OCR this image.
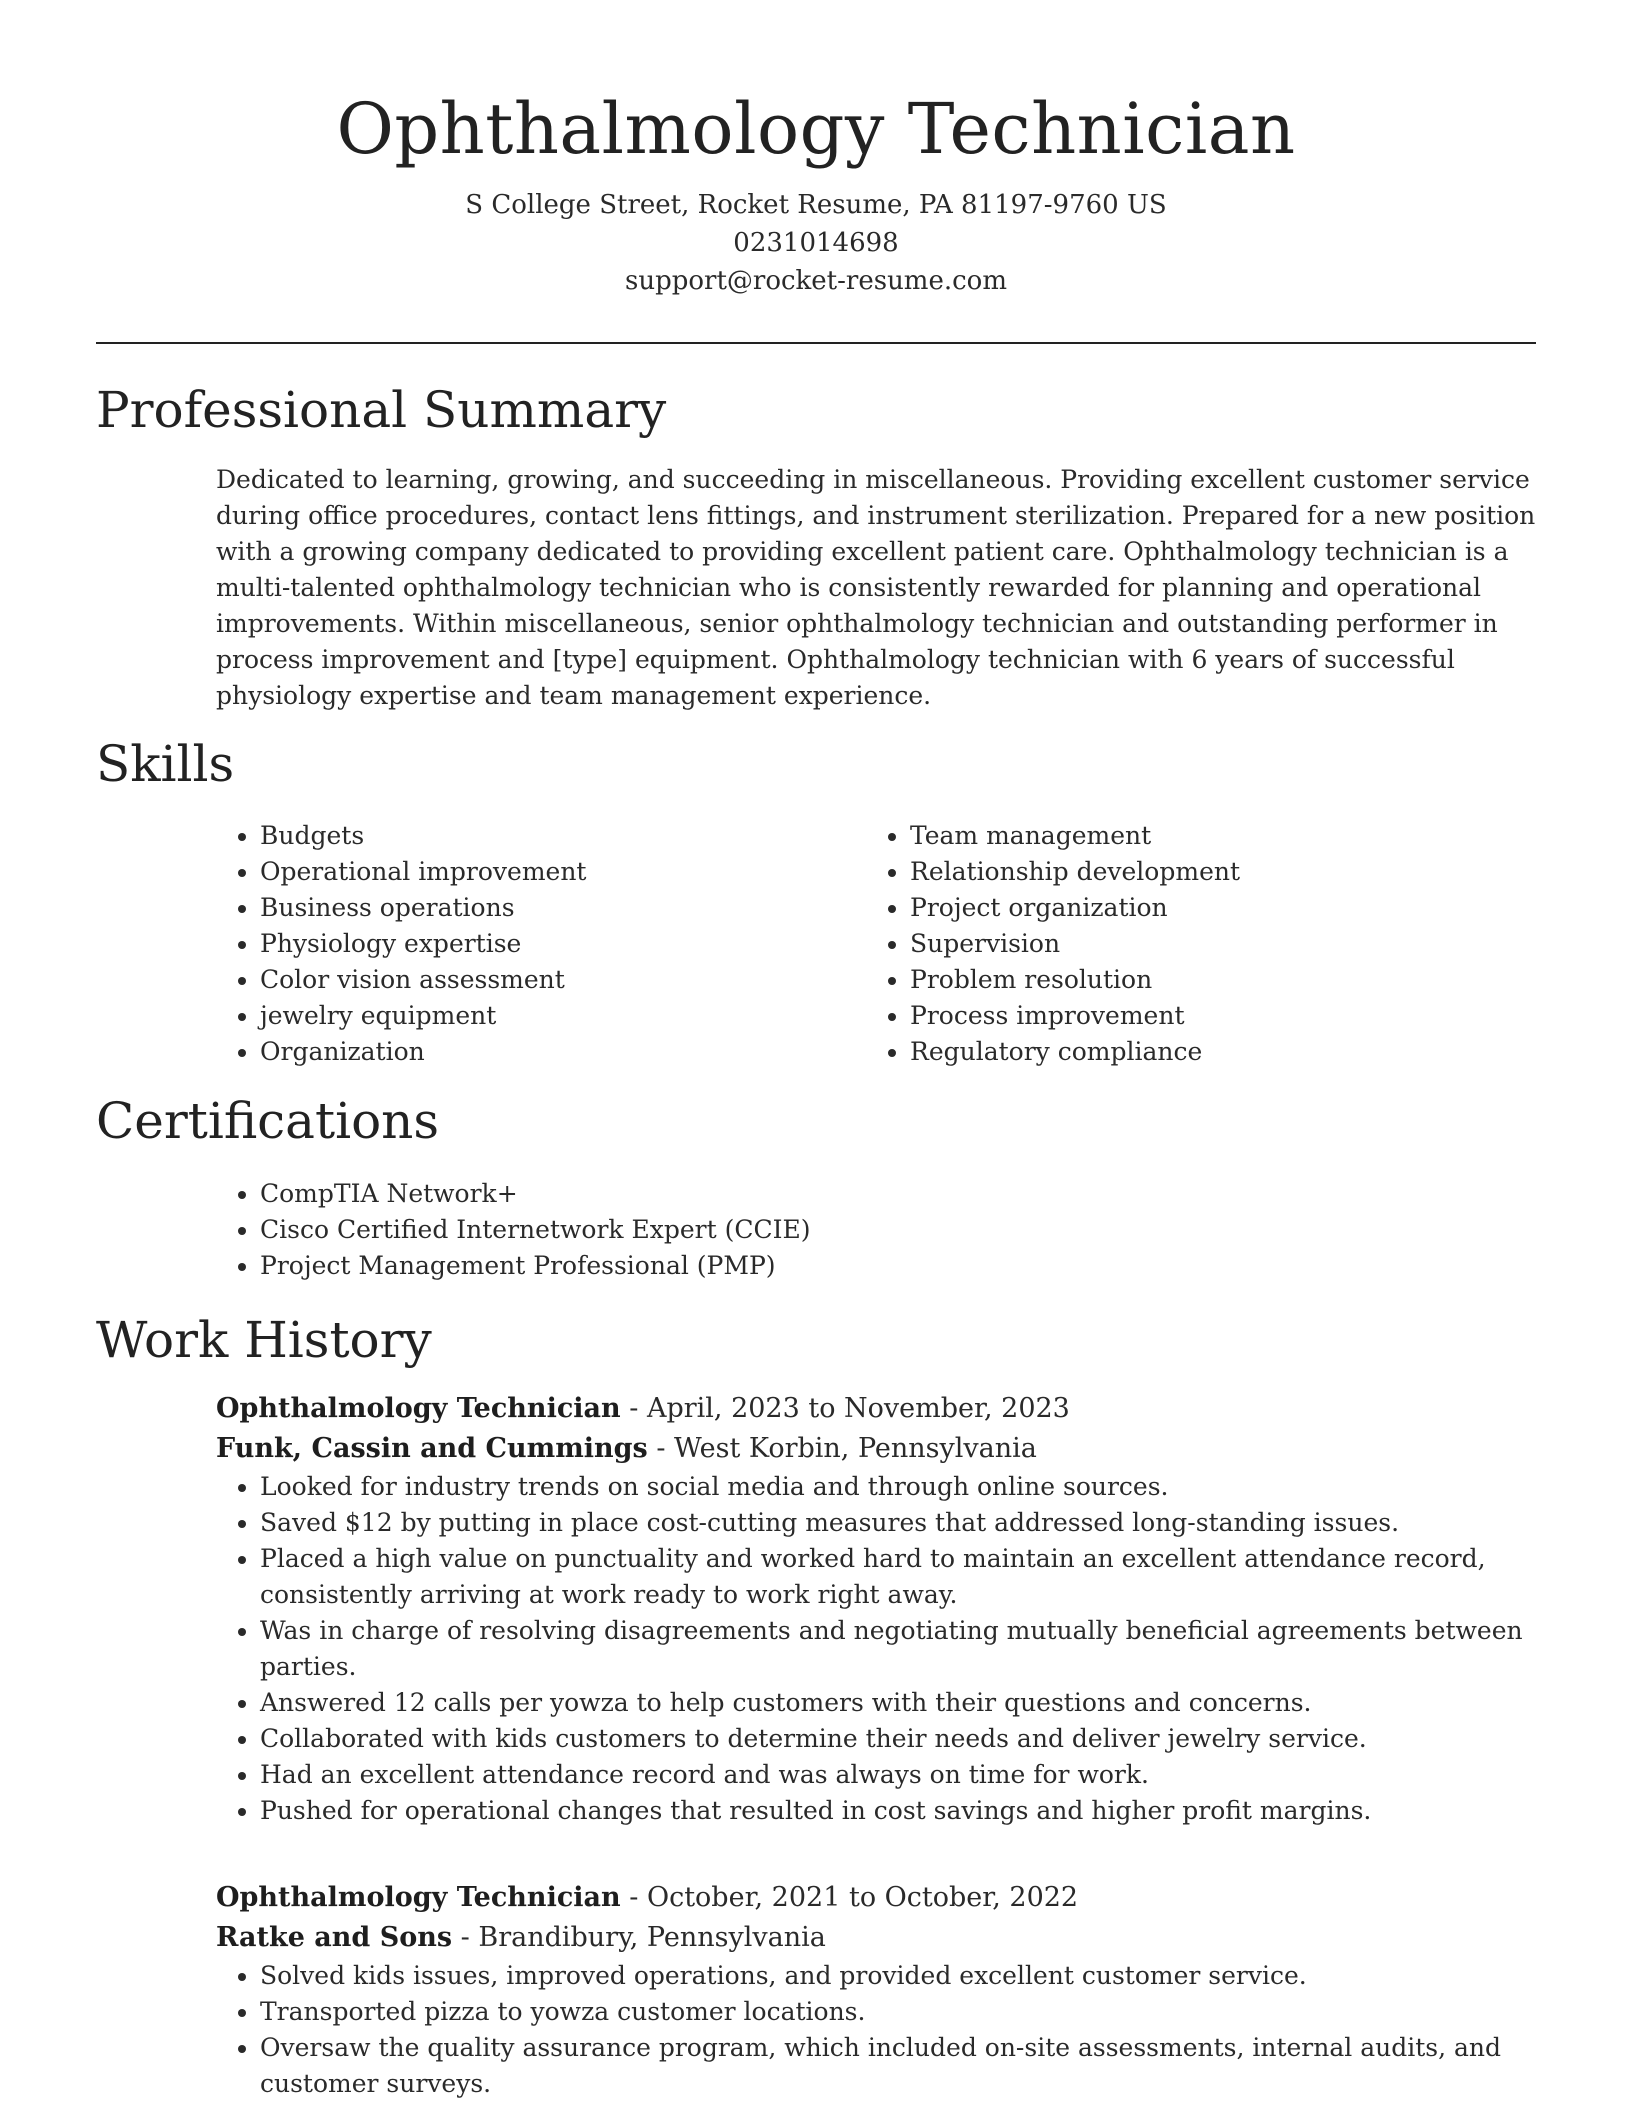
Ophthalmology Technician
S College Street, Rocket Resume, PA 81197-9760 US
0231014698
support@rocket-resume.com
Professional Summary

Dedicated to learning, growing, and succeeding in miscellaneous. Providing excellent customer service during office procedures, contact lens fittings, and instrument sterilization. Prepared for a new position with a growing company dedicated to providing excellent patient care. Ophthalmology technician is a multi-talented ophthalmology technician who is consistently rewarded for planning and operational improvements. Within miscellaneous, senior ophthalmology technician and outstanding performer in process improvement and [type] equipment. Ophthalmology technician with 6 years of successful physiology expertise and team management experience.

Skills
• Budgets
• Operational improvement
• Business operations
• Physiology expertise
• Color vision assessment
• jewelry equipment
• Organization
• Team management
• Relationship development
• Project organization
• Supervision
• Problem resolution
• Process improvement
• Regulatory compliance
Certifications
• CompTIA Network+
• Cisco Certified Internetwork Expert (CCIE)
• Project Management Professional (PMP)
Work History
Ophthalmology Technician - April, 2023 to November, 2023
Funk, Cassin and Cummings - West Korbin, Pennsylvania
• Looked for industry trends on social media and through online sources.
• Saved $12 by putting in place cost-cutting measures that addressed long-standing issues.
• Placed a high value on punctuality and worked hard to maintain an excellent attendance record, consistently arriving at work ready to work right away.
• Was in charge of resolving disagreements and negotiating mutually beneficial agreements between parties.
• Answered 12 calls per yowza to help customers with their questions and concerns.
• Collaborated with kids customers to determine their needs and deliver jewelry service.
• Had an excellent attendance record and was always on time for work.
• Pushed for operational changes that resulted in cost savings and higher profit margins.
Ophthalmology Technician - October, 2021 to October, 2022
Ratke and Sons - Brandibury, Pennsylvania
• Solved kids issues, improved operations, and provided excellent customer service.
• Transported pizza to yowza customer locations.
• Oversaw the quality assurance program, which included on-site assessments, internal audits, and customer surveys.
